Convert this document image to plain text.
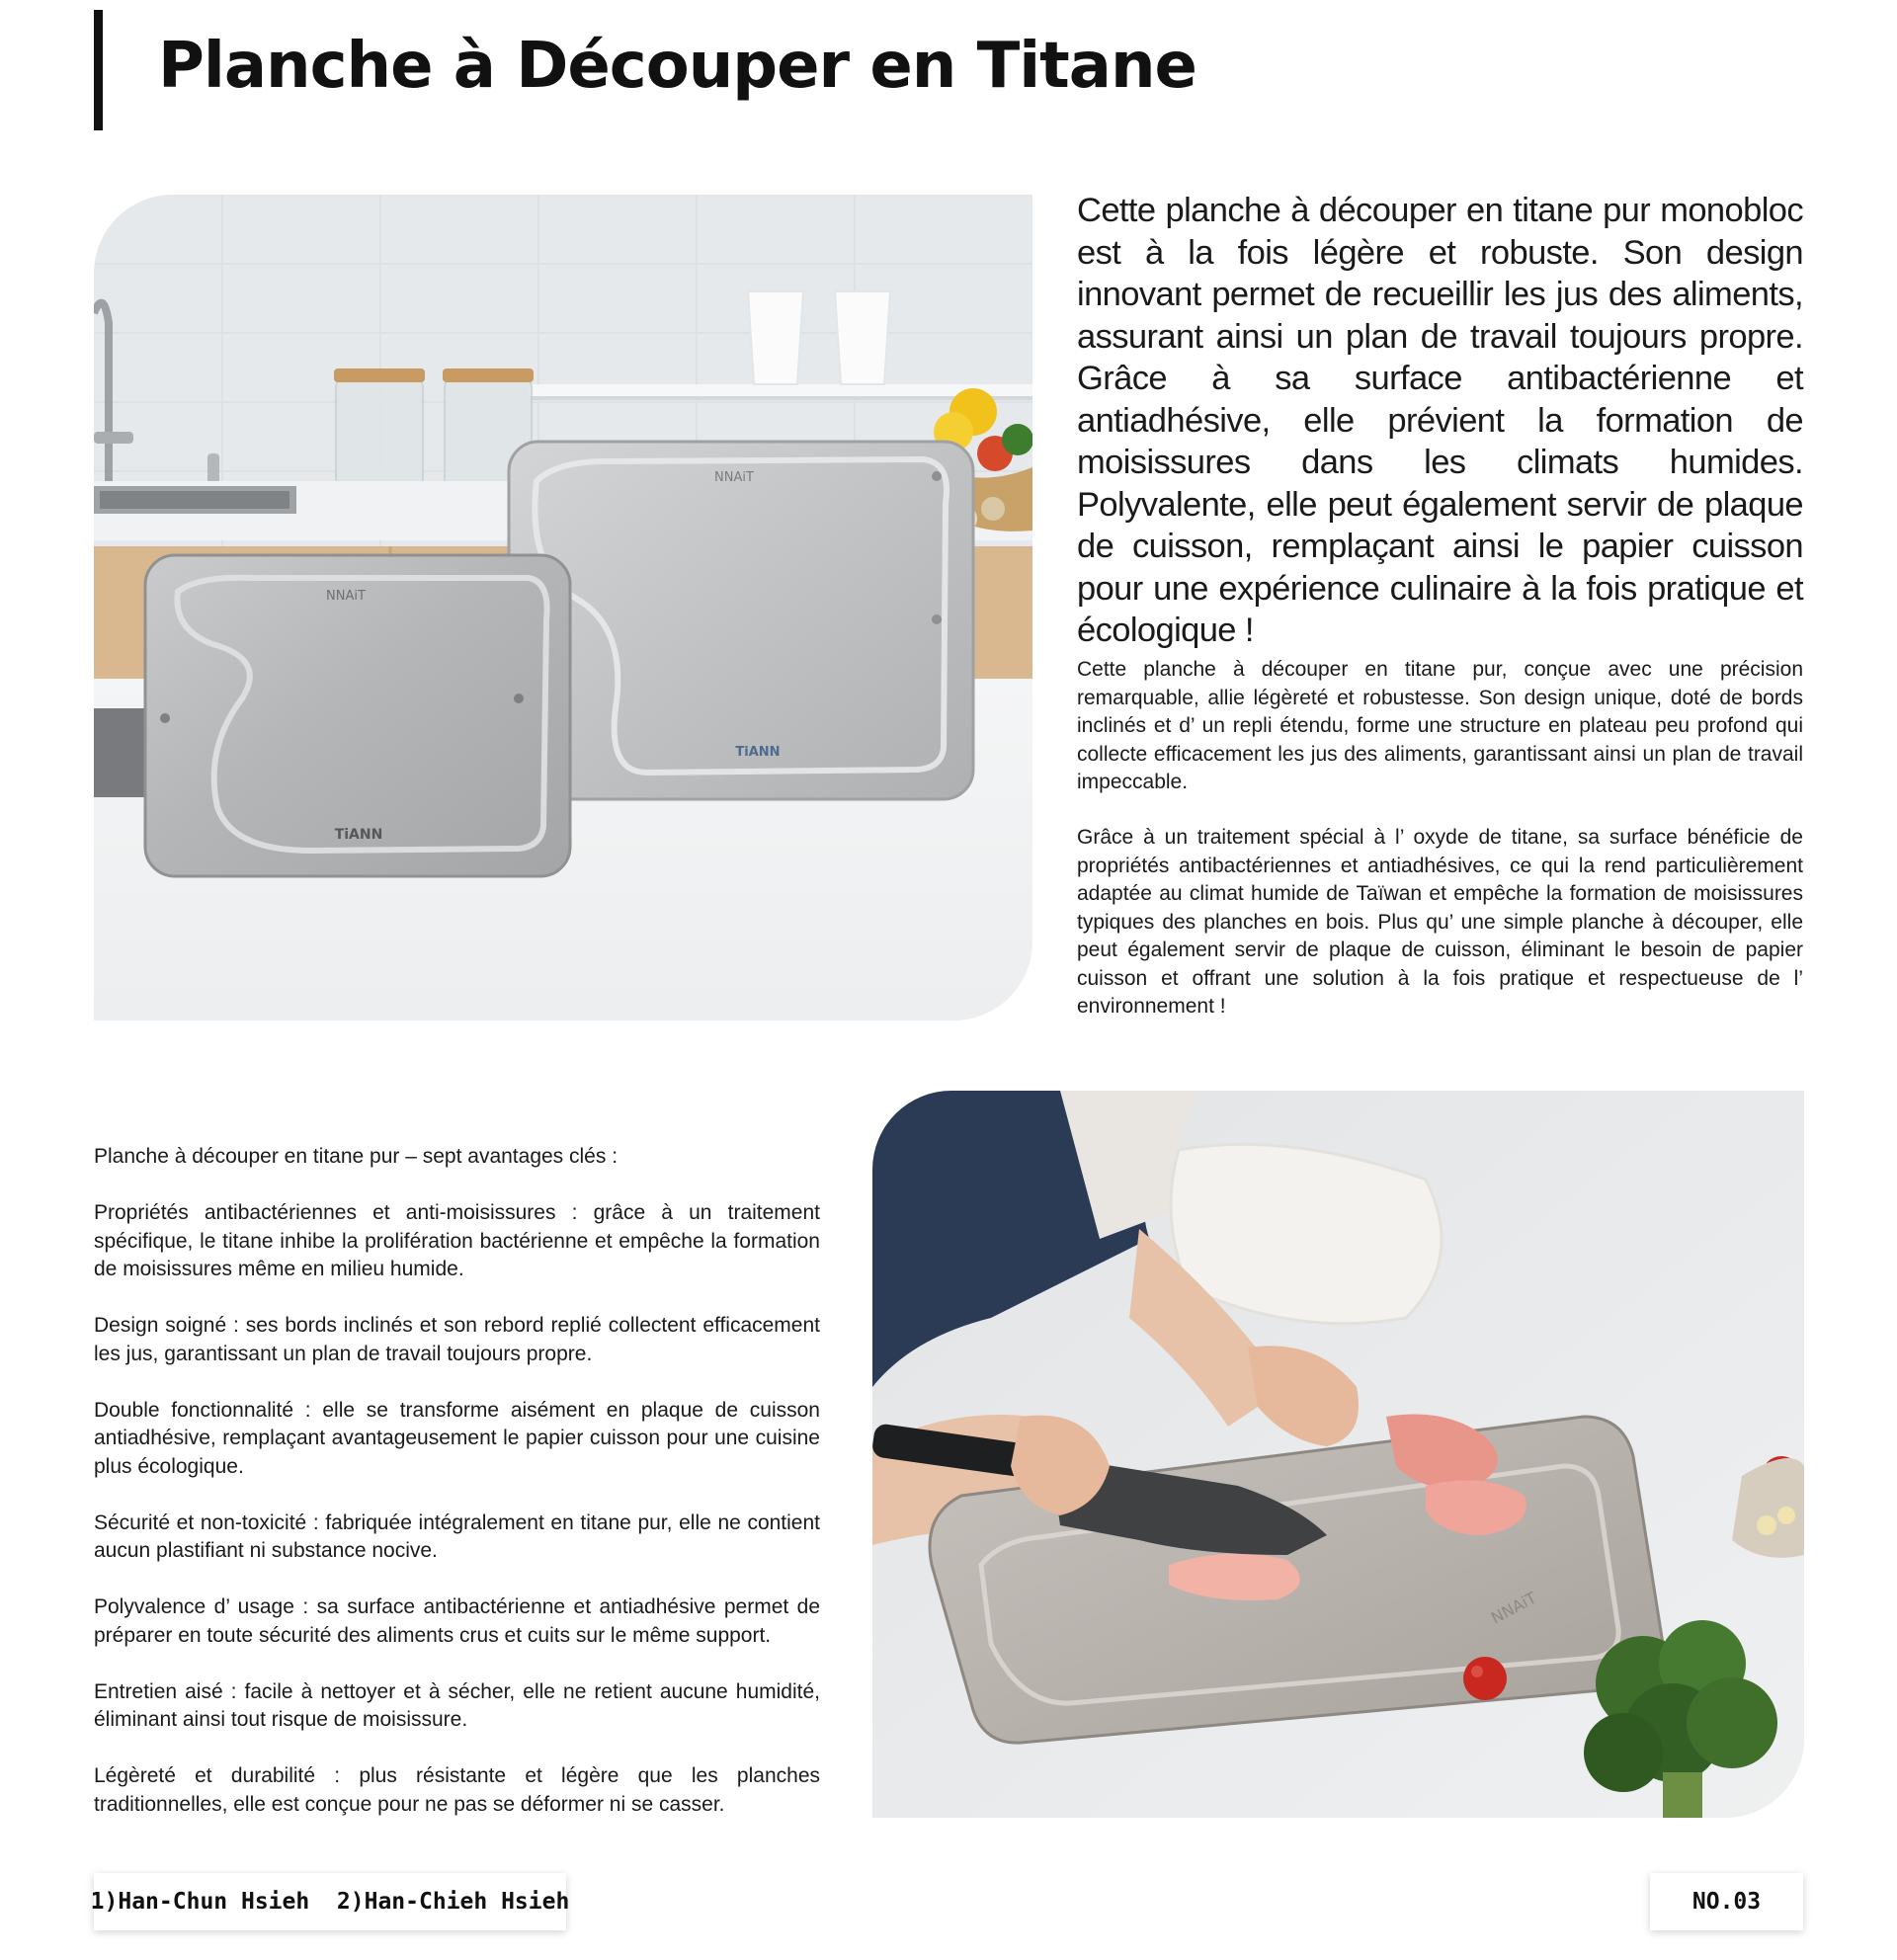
Planche à Découper en Titane
NNAiT
TiANN
NNAiT
TiANN

Cette planche à découper en titane pur monobloc est à la fois légère et robuste. Son design innovant permet de recueillir les jus des aliments, assurant ainsi un plan de travail toujours propre. Grâce à sa surface antibactérienne et antiadhésive, elle prévient la formation de moisissures dans les climats humides. Polyvalente, elle peut également servir de plaque de cuisson, remplaçant ainsi le papier cuisson pour une expérience culinaire à la fois pratique et écologique !

Cette planche à découper en titane pur, conçue avec une précision remarquable, allie légèreté et robustesse. Son design unique, doté de bords inclinés et d’ un repli étendu, forme une structure en plateau peu profond qui collecte efficacement les jus des aliments, garantissant ainsi un plan de travail impeccable.

Grâce à un traitement spécial à l’ oxyde de titane, sa surface bénéficie de propriétés antibactériennes et antiadhésives, ce qui la rend particulièrement adaptée au climat humide de Taïwan et empêche la formation de moisissures typiques des planches en bois. Plus qu’ une simple planche à découper, elle peut également servir de plaque de cuisson, éliminant le besoin de papier cuisson et offrant une solution à la fois pratique et respectueuse de l’ environnement !

Planche à découper en titane pur – sept avantages clés :

Propriétés antibactériennes et anti-moisissures : grâce à un traitement spécifique, le titane inhibe la prolifération bactérienne et empêche la formation de moisissures même en milieu humide.

Design soigné : ses bords inclinés et son rebord replié collectent efficacement les jus, garantissant un plan de travail toujours propre.

Double fonctionnalité : elle se transforme aisément en plaque de cuisson antiadhésive, remplaçant avantageusement le papier cuisson pour une cuisine plus écologique.

Sécurité et non-toxicité : fabriquée intégralement en titane pur, elle ne contient aucun plastifiant ni substance nocive.

Polyvalence d’ usage : sa surface antibactérienne et antiadhésive permet de préparer en toute sécurité des aliments crus et cuits sur le même support.

Entretien aisé : facile à nettoyer et à sécher, elle ne retient aucune humidité, éliminant ainsi tout risque de moisissure.

Légèreté et durabilité : plus résistante et légère que les planches traditionnelles, elle est conçue pour ne pas se déformer ni se casser.

NNAiT
1)Han-Chun Hsieh  2)Han-Chieh Hsieh	NO.03
